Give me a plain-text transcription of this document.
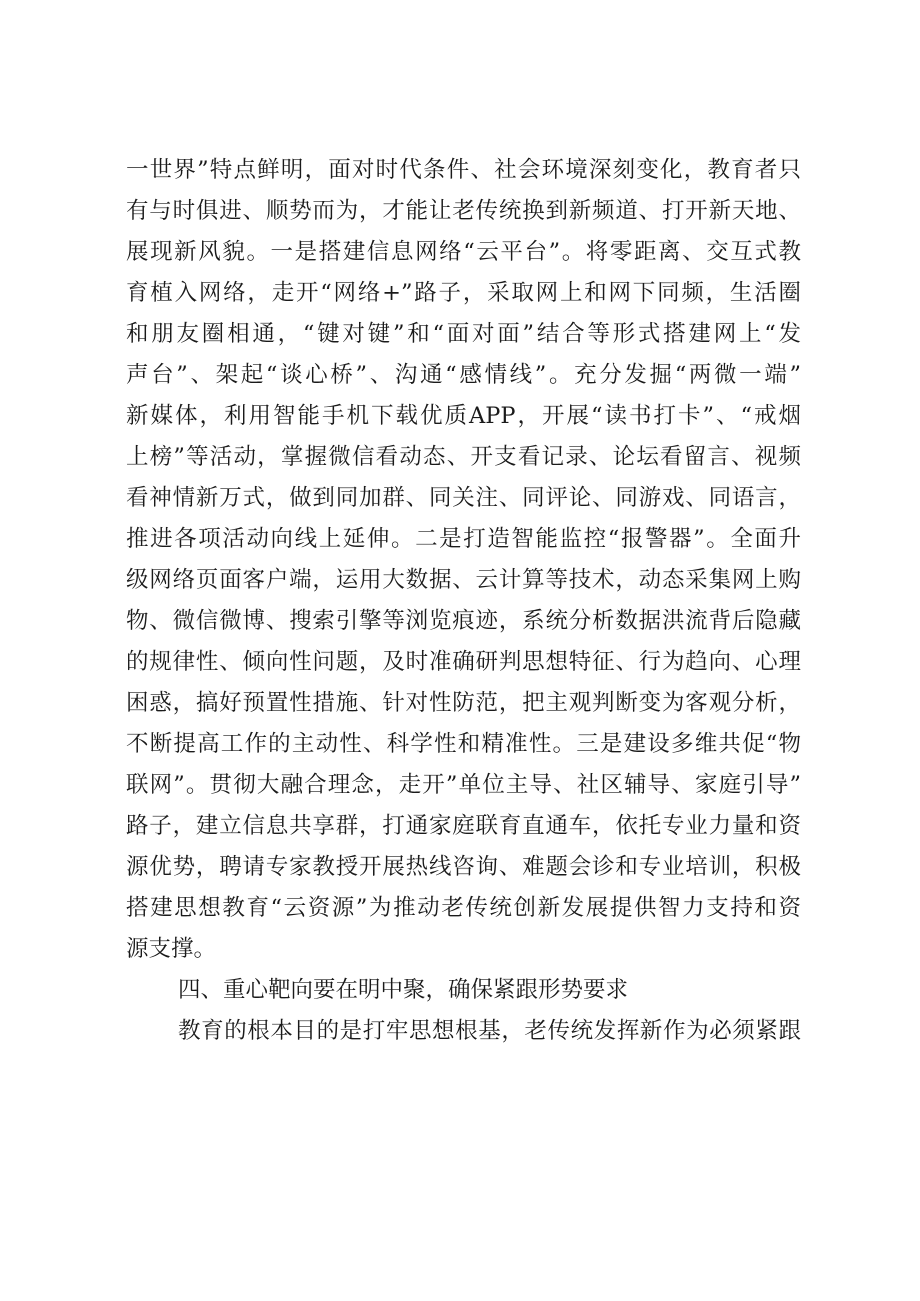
一世界”特点鲜明，面对时代条件、社会环境深刻变化，教育者只
有与时俱进、顺势而为，才能让老传统换到新频道、打开新天地、
展现新风貌。一是搭建信息网络“云平台”。将零距离、交互式教
育植入网络，走开“网络+”路子，采取网上和网下同频，生活圈
和朋友圈相通，“键对键”和“面对面”结合等形式搭建网上“发
声台”、架起“谈心桥”、沟通“感情线”。充分发掘“两微一端”
新媒体，利用智能手机下载优质APP，开展“读书打卡”、“戒烟
上榜”等活动，掌握微信看动态、开支看记录、论坛看留言、视频
看神情新万式，做到同加群、同关注、同评论、同游戏、同语言，
推进各项活动向线上延伸。二是打造智能监控“报警器”。全面升
级网络页面客户端，运用大数据、云计算等技术，动态采集网上购
物、微信微博、搜索引擎等浏览痕迹，系统分析数据洪流背后隐藏
的规律性、倾向性问题，及时准确研判思想特征、行为趋向、心理
困惑，搞好预置性措施、针对性防范，把主观判断变为客观分析，
不断提高工作的主动性、科学性和精准性。三是建设多维共促“物
联网”。贯彻大融合理念，走开”单位主导、社区辅导、家庭引导”
路子，建立信息共享群，打通家庭联育直通车，依托专业力量和资
源优势，聘请专家教授开展热线咨询、难题会诊和专业培训，积极
搭建思想教育“云资源”为推动老传统创新发展提供智力支持和资
源支撑。
四、重心靶向要在明中聚，确保紧跟形势要求
教育的根本目的是打牢思想根基，老传统发挥新作为必须紧跟
